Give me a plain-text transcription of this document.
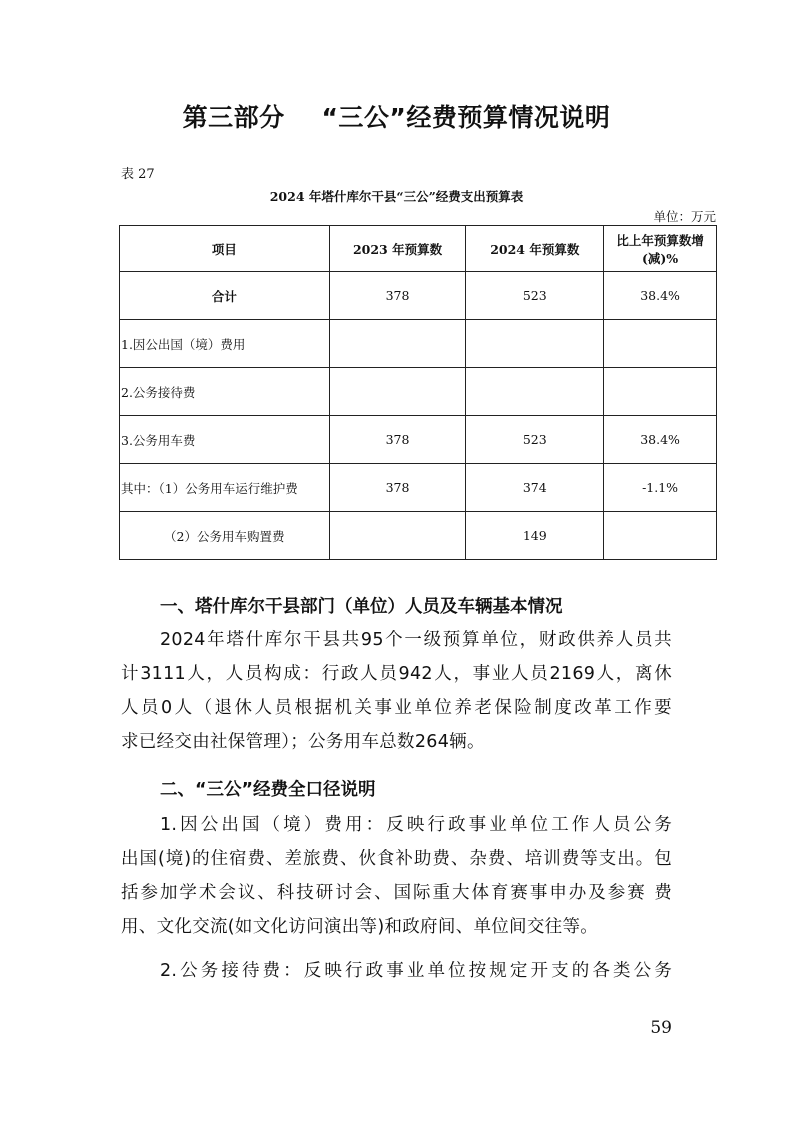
第三部分    “三公”经费预算情况说明
表 27
2024 年塔什库尔干县“三公”经费支出预算表
单位：万元
项目	2023 年预算数	2024 年预算数	比上年预算数增(减)%
合计	378	523	38.4%
1.因公出国（境）费用			
2.公务接待费			
3.公务用车费	378	523	38.4%
其中：（1）公务用车运行维护费	378	374	-1.1%
（2）公务用车购置费		149	
一、塔什库尔干县部门（单位）人员及车辆基本情况

2024年塔什库尔干县共95个一级预算单位，财政供养人员共

计3111人，人员构成：行政人员942人，事业人员2169人，离休

人员0人（退休人员根据机关事业单位养老保险制度改革工作要

求已经交由社保管理）；公务用车总数264辆。

二、“三公”经费全口径说明

1.因公出国（境）费用：反映行政事业单位工作人员公务

出国(境)的住宿费、差旅费、伙食补助费、杂费、培训费等支出。包

括参加学术会议、科技研讨会、国际重大体育赛事申办及参赛 费

用、文化交流(如文化访问演出等)和政府间、单位间交往等。

2.公务接待费：反映行政事业单位按规定开支的各类公务

59
